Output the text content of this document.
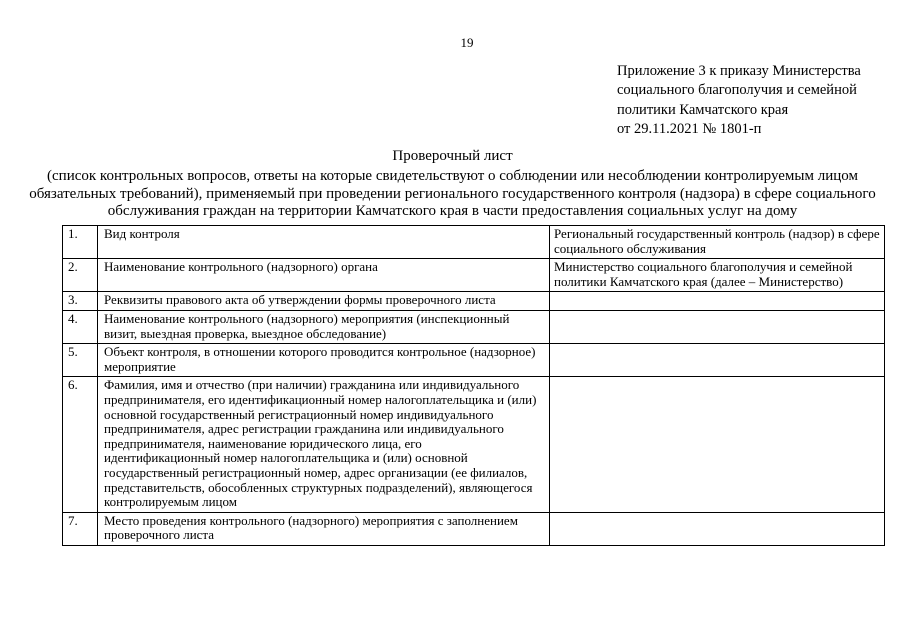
19
Приложение 3 к приказу Министерства
социального благополучия и семейной
политики Камчатского края
от 29.11.2021 № 1801-п
Проверочный лист
(список контрольных вопросов, ответы на которые свидетельствуют о соблюдении или несоблюдении контролируемым лицом обязательных требований), применяемый при проведении регионального государственного контроля (надзора) в сфере социального обслуживания граждан на территории Камчатского края в части предоставления социальных услуг на дому
1.	Вид контроля	Региональный государственный контроль (надзор) в сфере социального обслуживания
2.	Наименование контрольного (надзорного) органа	Министерство социального благополучия и семейной политики Камчатского края (далее – Министерство)
3.	Реквизиты правового акта об утверждении формы проверочного листа	
4.	Наименование контрольного (надзорного) мероприятия (инспекционный визит, выездная проверка, выездное обследование)	
5.	Объект контроля, в отношении которого проводится контрольное (надзорное) мероприятие	
6.	Фамилия, имя и отчество (при наличии) гражданина или индивидуального предпринимателя, его идентификационный номер налогоплательщика и (или) основной государственный регистрационный номер индивидуального предпринимателя, адрес регистрации гражданина или индивидуального предпринимателя, наименование юридического лица, его идентификационный номер налогоплательщика и (или) основной государственный регистрационный номер, адрес организации (ее филиалов, представительств, обособленных структурных подразделений), являющегося контролируемым лицом	
7.	Место проведения контрольного (надзорного) мероприятия с заполнением проверочного листа	
